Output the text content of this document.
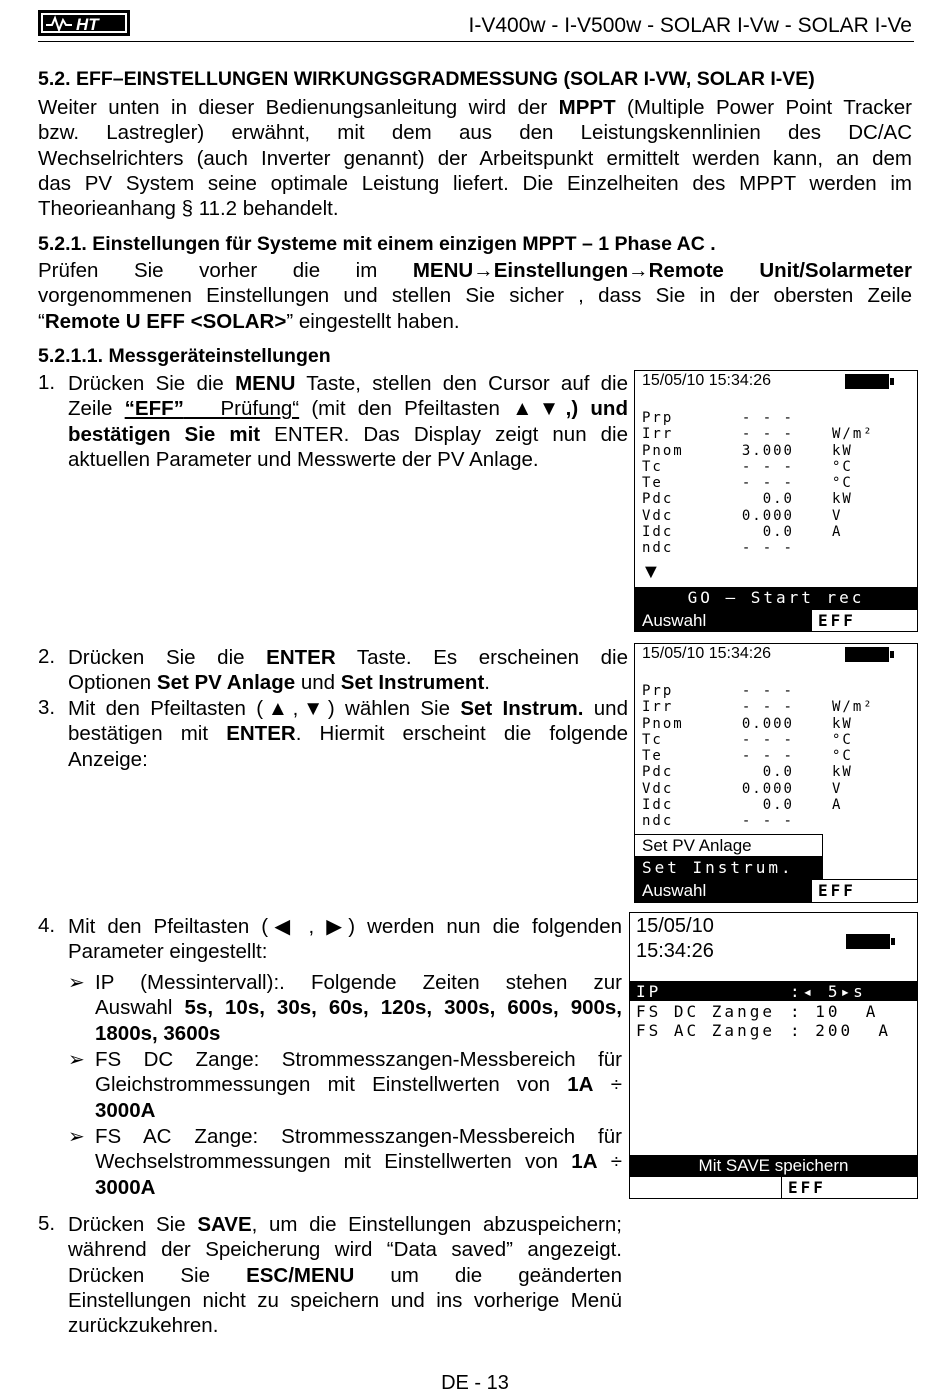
HT	I-V400w - I-V500w - SOLAR I-Vw - SOLAR I-Ve
5.2. EFF–EINSTELLUNGEN WIRKUNGSGRADMESSUNG (SOLAR I-VW, SOLAR I-VE)
Weiter unten in dieser Bedienungsanleitung wird der MPPT (Multiple Power Point Tracker
bzw. Lastregler) erwähnt, mit dem aus den Leistungskennlinien des DC/AC
Wechselrichters (auch Inverter genannt) der Arbeitspunkt ermittelt werden kann, an dem
das PV System seine optimale Leistung liefert. Die Einzelheiten des MPPT werden im
Theorieanhang § 11.2 behandelt.
5.2.1. Einstellungen für Systeme mit einem einzigen MPPT – 1 Phase AC .
Prüfen Sie vorher die im MENU→Einstellungen→Remote Unit/Solarmeter
vorgenommenen Einstellungen und stellen Sie sicher , dass Sie in der obersten Zeile
“Remote U EFF <SOLAR>” eingestellt haben.
5.2.1.1. Messgeräteinstellungen
1. Drücken Sie die MENU Taste, stellen den Cursor auf die
Zeile “EFF” Prüfung“ (mit den Pfeiltasten ▲▼,) und
bestätigen Sie mit ENTER. Das Display zeigt nun die
aktuellen Parameter und Messwerte der PV Anlage.
15/05/10 15:34:26
Prp	- - -
Irr	- - -	W/m²
Pnom	3.000	kW
Tc	- - -	°C
Te	- - -	°C
Pdc	0.0	kW
Vdc	0.000	V
Idc	0.0	A
ndc	- - -
▼
GO – Start rec
Auswahl	EFF
2. Drücken Sie die ENTER Taste. Es erscheinen die
Optionen Set PV Anlage und Set Instrument.
3. Mit den Pfeiltasten (▲,▼) wählen Sie Set Instrum. und
bestätigen mit ENTER. Hiermit erscheint die folgende
Anzeige:
15/05/10 15:34:26
Prp	- - -
Irr	- - -	W/m²
Pnom	0.000	kW
Tc	- - -	°C
Te	- - -	°C
Pdc	0.0	kW
Vdc	0.000	V
Idc	0.0	A
ndc	- - -
Set PV Anlage
Set Instrum.
Auswahl	EFF
4. Mit den Pfeiltasten (◀ , ▶) werden nun die folgenden
Parameter eingestellt:
➢ IP (Messintervall):. Folgende Zeiten stehen zur
Auswahl 5s, 10s, 30s, 60s, 120s, 300s, 600s, 900s,
1800s, 3600s
➢ FS DC Zange: Strommesszangen-Messbereich für
Gleichstrommessungen mit Einstellwerten von 1A ÷
3000A
➢ FS AC Zange: Strommesszangen-Messbereich für
Wechselstrommessungen mit Einstellwerten von 1A ÷
3000A
15/05/10
15:34:26
IP	:◂ 5▸s
FS DC Zange : 10  A
FS AC Zange : 200  A
Mit SAVE speichern
EFF
5. Drücken Sie SAVE, um die Einstellungen abzuspeichern;
während der Speicherung wird “Data saved” angezeigt.
Drücken Sie ESC/MENU um die geänderten
Einstellungen nicht zu speichern und ins vorherige Menü
zurückzukehren.
DE - 13
